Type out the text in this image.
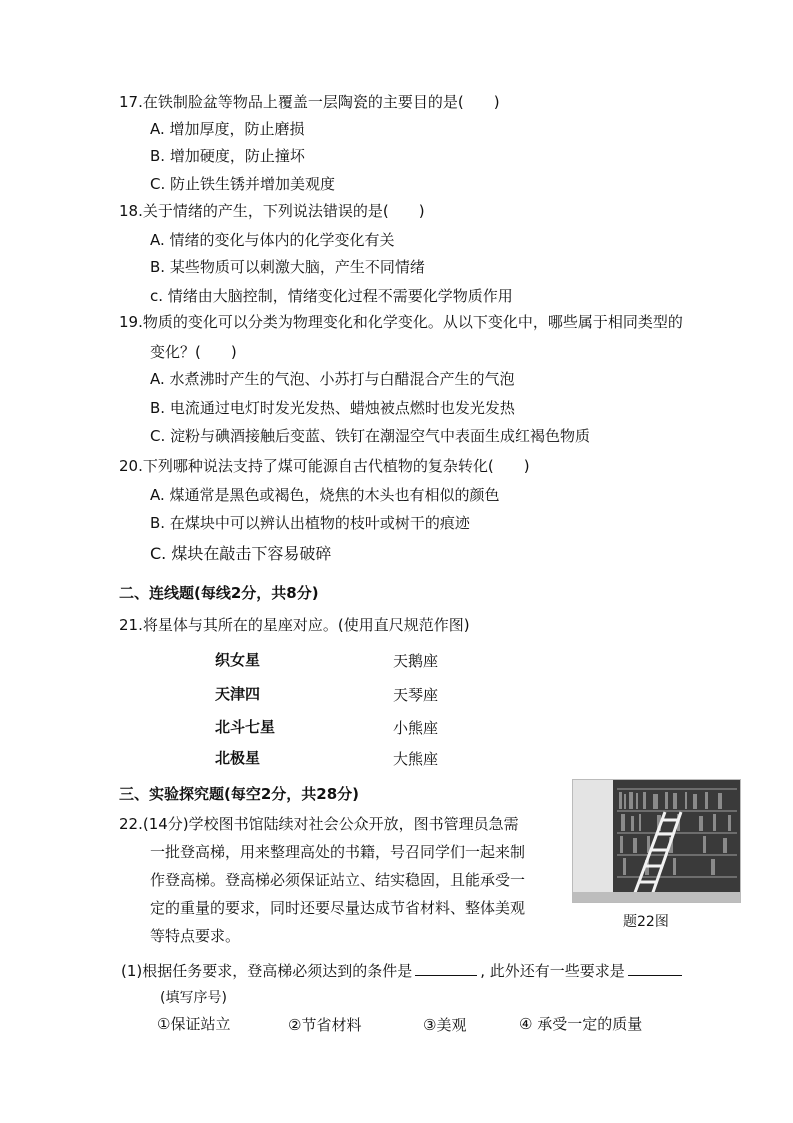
17.在铁制脸盆等物品上覆盖一层陶瓷的主要目的是(　　)
A. 增加厚度，防止磨损
B. 增加硬度，防止撞坏
C. 防止铁生锈并增加美观度
18.关于情绪的产生，下列说法错误的是(　　)
A. 情绪的变化与体内的化学变化有关
B. 某些物质可以刺激大脑，产生不同情绪
c. 情绪由大脑控制，情绪变化过程不需要化学物质作用
19.物质的变化可以分类为物理变化和化学变化。从以下变化中，哪些属于相同类型的
变化？(　　)
A. 水煮沸时产生的气泡、小苏打与白醋混合产生的气泡
B. 电流通过电灯时发光发热、蜡烛被点燃时也发光发热
C. 淀粉与碘酒接触后变蓝、铁钉在潮湿空气中表面生成红褐色物质
20.下列哪种说法支持了煤可能源自古代植物的复杂转化(　　)
A. 煤通常是黑色或褐色，烧焦的木头也有相似的颜色
B. 在煤块中可以辨认出植物的枝叶或树干的痕迹
C. 煤块在敲击下容易破碎
二、连线题(每线2分，共8分)
21.将星体与其所在的星座对应。(使用直尺规范作图)
织女星
天津四
北斗七星
北极星
天鹅座
天琴座
小熊座
大熊座
三、实验探究题(每空2分，共28分)
22.(14分)学校图书馆陆续对社会公众开放，图书管理员急需
一批登高梯，用来整理高处的书籍，号召同学们一起来制
作登高梯。登高梯必须保证站立、结实稳固，且能承受一
定的重量的要求，同时还要尽量达成节省材料、整体美观
等特点要求。
题22图
(1)根据任务要求，登高梯必须达到的条件是	, 此外还有一些要求是
(填写序号)
①保证站立	②节省材料	③美观	④ 承受一定的质量
